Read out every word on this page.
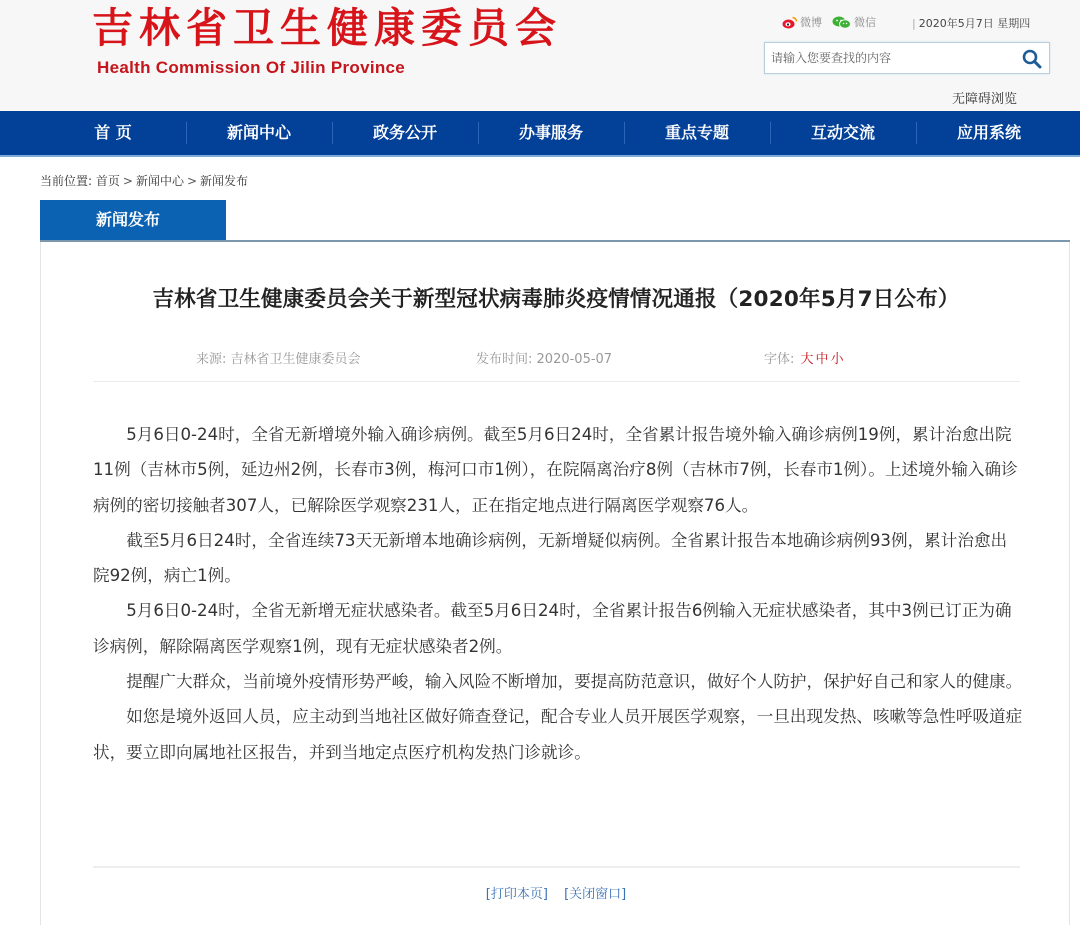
吉林省卫生健康委员会
Health Commission Of Jilin Province
微博	微信	| 2020年5月7日 星期四
请输入您要查找的内容
无障碍浏览
首 页	新闻中心	政务公开	办事服务	重点专题	互动交流	应用系统
当前位置: 首页 > 新闻中心 > 新闻发布
新闻发布
吉林省卫生健康委员会关于新型冠状病毒肺炎疫情情况通报（2020年5月7日公布）
来源: 吉林省卫生健康委员会	发布时间: 2020-05-07	字体: 大 中 小

5月6日0-24时，全省无新增境外输入确诊病例。截至5月6日24时，全省累计报告境外输入确诊病例19例，累计治愈出院11例（吉林市5例，延边州2例，长春市3例，梅河口市1例），在院隔离治疗8例（吉林市7例，长春市1例）。上述境外输入确诊病例的密切接触者307人，已解除医学观察231人，正在指定地点进行隔离医学观察76人。

截至5月6日24时，全省连续73天无新增本地确诊病例，无新增疑似病例。全省累计报告本地确诊病例93例，累计治愈出院92例，病亡1例。

5月6日0-24时，全省无新增无症状感染者。截至5月6日24时，全省累计报告6例输入无症状感染者，其中3例已订正为确诊病例，解除隔离医学观察1例，现有无症状感染者2例。

提醒广大群众，当前境外疫情形势严峻，输入风险不断增加，要提高防范意识，做好个人防护，保护好自己和家人的健康。

如您是境外返回人员，应主动到当地社区做好筛查登记，配合专业人员开展医学观察，一旦出现发热、咳嗽等急性呼吸道症状，要立即向属地社区报告，并到当地定点医疗机构发热门诊就诊。

[打印本页] [关闭窗口]
